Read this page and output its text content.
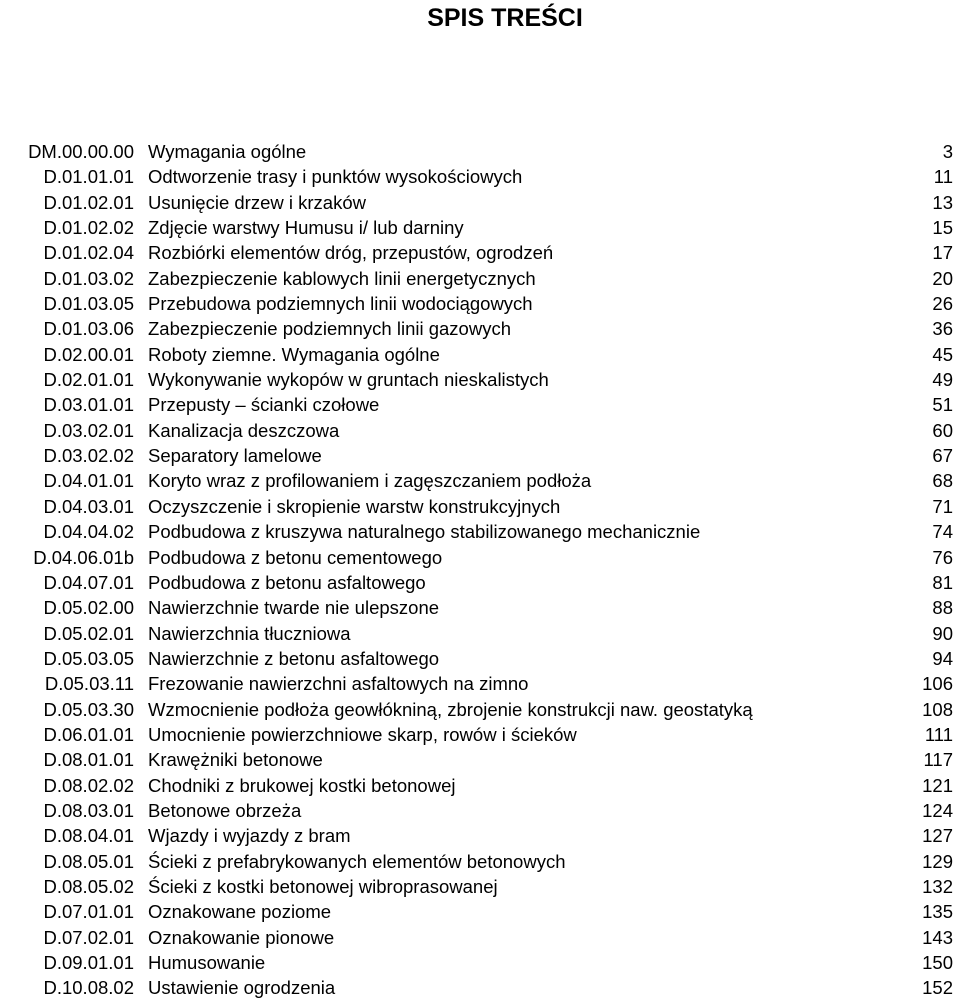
SPIS TREŚCI
DM.00.00.00 Wymagania ogólne	3
D.01.01.01 Odtworzenie trasy i punktów wysokościowych	11
D.01.02.01 Usunięcie drzew i krzaków	13
D.01.02.02 Zdjęcie warstwy Humusu i/ lub darniny	15
D.01.02.04 Rozbiórki elementów dróg, przepustów, ogrodzeń	17
D.01.03.02 Zabezpieczenie kablowych linii energetycznych	20
D.01.03.05 Przebudowa podziemnych linii wodociągowych	26
D.01.03.06 Zabezpieczenie podziemnych linii gazowych	36
D.02.00.01 Roboty ziemne. Wymagania ogólne	45
D.02.01.01 Wykonywanie wykopów w gruntach nieskalistych	49
D.03.01.01 Przepusty – ścianki czołowe	51
D.03.02.01 Kanalizacja deszczowa	60
D.03.02.02 Separatory lamelowe	67
D.04.01.01 Koryto wraz z profilowaniem i zagęszczaniem podłoża	68
D.04.03.01 Oczyszczenie i skropienie warstw konstrukcyjnych	71
D.04.04.02 Podbudowa z kruszywa naturalnego stabilizowanego mechanicznie	74
D.04.06.01b Podbudowa z betonu cementowego	76
D.04.07.01 Podbudowa z betonu asfaltowego	81
D.05.02.00 Nawierzchnie twarde nie ulepszone	88
D.05.02.01 Nawierzchnia tłuczniowa	90
D.05.03.05 Nawierzchnie z betonu asfaltowego	94
D.05.03.11 Frezowanie nawierzchni asfaltowych na zimno	106
D.05.03.30 Wzmocnienie podłoża geowłókniną, zbrojenie konstrukcji naw. geostatyką	108
D.06.01.01 Umocnienie powierzchniowe skarp, rowów i ścieków	111
D.08.01.01 Krawężniki betonowe	117
D.08.02.02 Chodniki z brukowej kostki betonowej	121
D.08.03.01 Betonowe obrzeża	124
D.08.04.01 Wjazdy i wyjazdy z bram	127
D.08.05.01 Ścieki z prefabrykowanych elementów betonowych	129
D.08.05.02 Ścieki z kostki betonowej wibroprasowanej	132
D.07.01.01 Oznakowane poziome	135
D.07.02.01 Oznakowanie pionowe	143
D.09.01.01 Humusowanie	150
D.10.08.02 Ustawienie ogrodzenia	152
